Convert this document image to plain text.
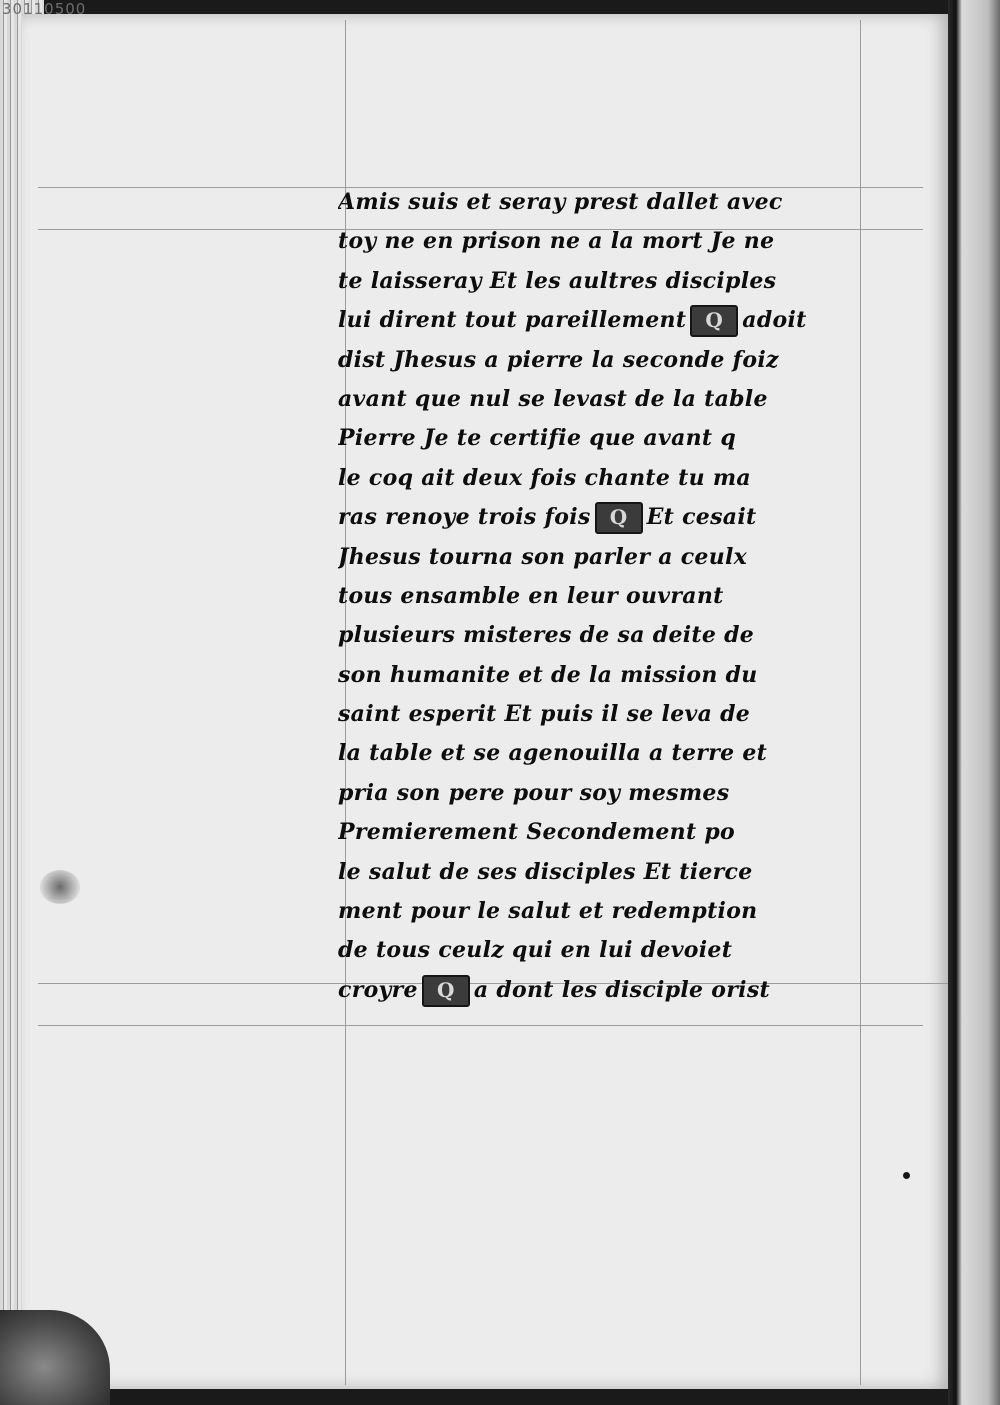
30110500
Amis suis et seray prest dallet avec
toy ne en prison ne a la mort Je ne
te laisseray Et les aultres disciples
lui dirent tout pareillement Q adoit
dist Jhesus a pierre la seconde foiz
avant que nul se levast de la table
Pierre Je te certifie que avant q
le coq ait deux fois chante tu ma
ras renoye trois fois Q Et cesait
Jhesus tourna son parler a ceulx
tous ensamble en leur ouvrant
plusieurs misteres de sa deite de
son humanite et de la mission du
saint esperit Et puis il se leva de
la table et se agenouilla a terre et
pria son pere pour soy mesmes
Premierement Secondement po
le salut de ses disciples Et tierce
ment pour le salut et redemption
de tous ceulz qui en lui devoiet
croyre Q a dont les disciple orist
